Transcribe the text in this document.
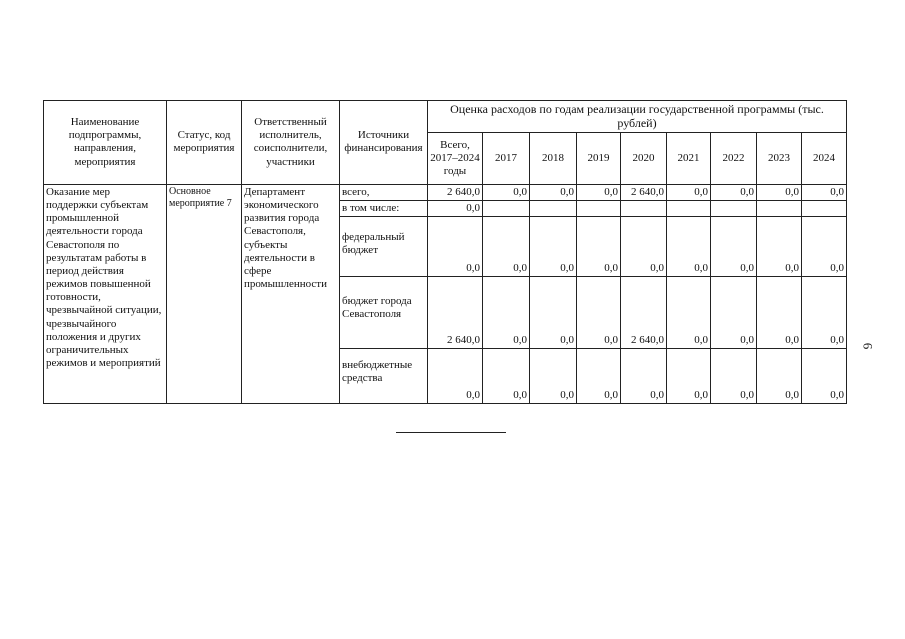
Наименование подпрограммы, направления, мероприятия	Статус, код мероприятия	Ответственный исполнитель, соисполнители, участники	Источники финансирования	Оценка расходов по годам реализации государственной программы (тыс. рублей)								
				Всего, 2017–2024 годы	2017	2018	2019	2020	2021	2022	2023	2024
Оказание мер поддержки субъектам промышленной деятельности города Севастополя по результатам работы в период действия режимов повышенной готовности, чрезвычайной ситуации, чрезвычайного положения и других ограничительных режимов и мероприятий	Основное мероприятие 7	Департамент экономического развития города Севастополя, субъекты деятельности в сфере промышленности	всего,	2 640,0	0,0	0,0	0,0	2 640,0	0,0	0,0	0,0	0,0
			в том числе:	0,0								
			федеральный бюджет	0,0	0,0	0,0	0,0	0,0	0,0	0,0	0,0	0,0
			бюджет города Севастополя	2 640,0	0,0	0,0	0,0	2 640,0	0,0	0,0	0,0	0,0
			внебюджетные средства	0,0	0,0	0,0	0,0	0,0	0,0	0,0	0,0	0,0
6
